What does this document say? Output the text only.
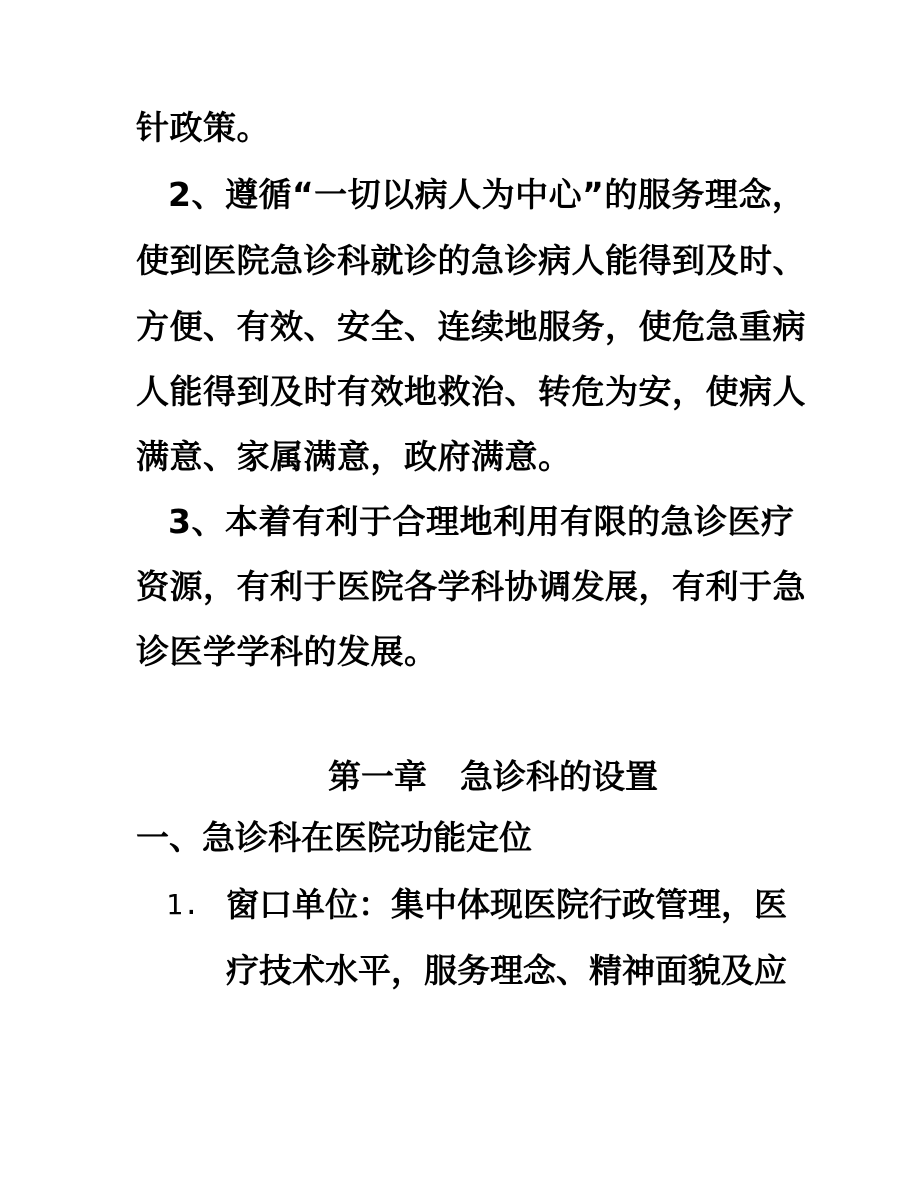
针政策。
2、遵循“一切以病人为中心”的服务理念，
使到医院急诊科就诊的急诊病人能得到及时、
方便、有效、安全、连续地服务，使危急重病
人能得到及时有效地救治、转危为安，使病人
满意、家属满意，政府满意。
3、本着有利于合理地利用有限的急诊医疗
资源，有利于医院各学科协调发展，有利于急
诊医学学科的发展。
第一章　急诊科的设置
一、急诊科在医院功能定位
1. 窗口单位：集中体现医院行政管理，医
疗技术水平，服务理念、精神面貌及应
